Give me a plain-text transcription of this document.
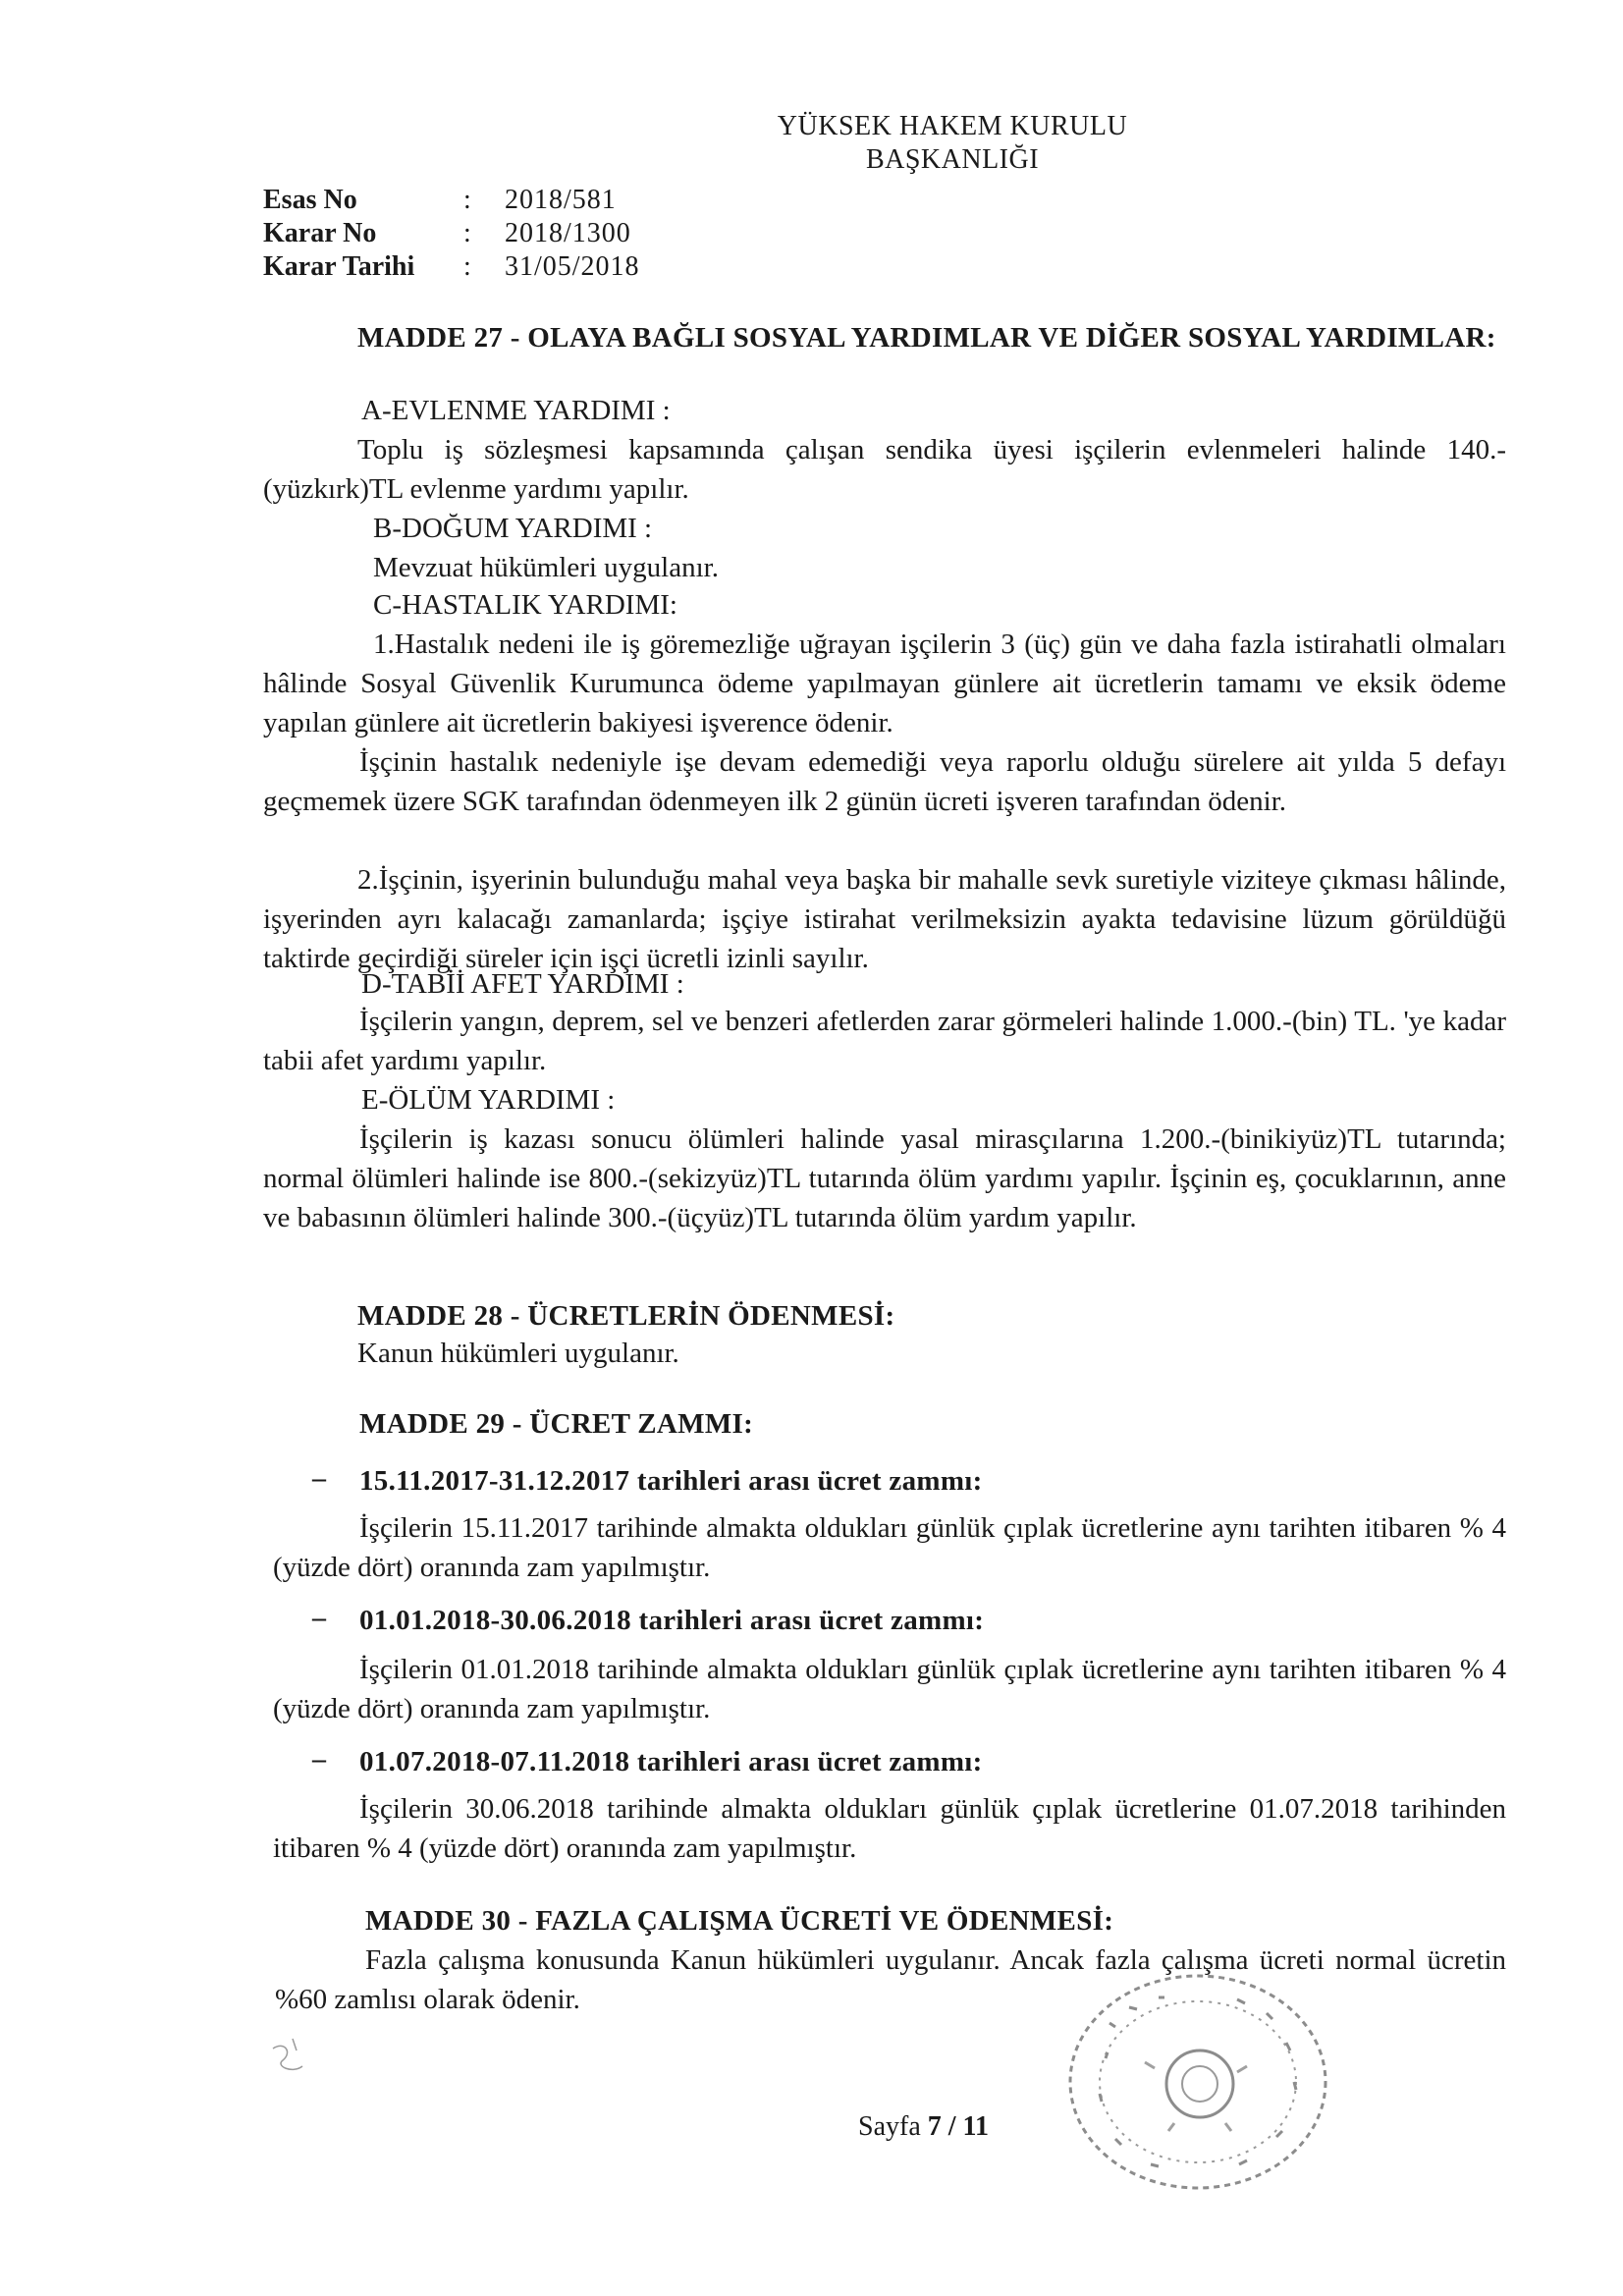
YÜKSEK HAKEM KURULU
BAŞKANLIĞI
Esas No	: 2018/581
Karar No	: 2018/1300
Karar Tarihi : 31/05/2018
MADDE 27 - OLAYA BAĞLI SOSYAL YARDIMLAR VE DİĞER SOSYAL YARDIMLAR:
A-EVLENME YARDIMI :
Toplu iş sözleşmesi kapsamında çalışan sendika üyesi işçilerin evlenmeleri halinde 140.-(yüzkırk)TL evlenme yardımı yapılır.
B-DOĞUM YARDIMI :
Mevzuat hükümleri uygulanır.
C-HASTALIK YARDIMI:
1.Hastalık nedeni ile iş göremezliğe uğrayan işçilerin 3 (üç) gün ve daha fazla istirahatli olmaları hâlinde Sosyal Güvenlik Kurumunca ödeme yapılmayan günlere ait ücretlerin tamamı ve eksik ödeme yapılan günlere ait ücretlerin bakiyesi işverence ödenir.
İşçinin hastalık nedeniyle işe devam edemediği veya raporlu olduğu sürelere ait yılda 5 defayı geçmemek üzere SGK tarafından ödenmeyen ilk 2 günün ücreti işveren tarafından ödenir.
2.İşçinin, işyerinin bulunduğu mahal veya başka bir mahalle sevk suretiyle viziteye çıkması hâlinde, işyerinden ayrı kalacağı zamanlarda; işçiye istirahat verilmeksizin ayakta tedavisine lüzum görüldüğü taktirde geçirdiği süreler için işçi ücretli izinli sayılır.
D-TABİİ AFET YARDIMI :
İşçilerin yangın, deprem, sel ve benzeri afetlerden zarar görmeleri halinde 1.000.-(bin) TL. 'ye kadar tabii afet yardımı yapılır.
E-ÖLÜM YARDIMI :
İşçilerin iş kazası sonucu ölümleri halinde yasal mirasçılarına 1.200.-(binikiyüz)TL tutarında; normal ölümleri halinde ise 800.-(sekizyüz)TL tutarında ölüm yardımı yapılır. İşçinin eş, çocuklarının, anne ve babasının ölümleri halinde 300.-(üçyüz)TL tutarında ölüm yardım yapılır.
MADDE 28 - ÜCRETLERİN ÖDENMESİ:
Kanun hükümleri uygulanır.
MADDE 29 - ÜCRET ZAMMI:
– 15.11.2017-31.12.2017 tarihleri arası ücret zammı:
İşçilerin 15.11.2017 tarihinde almakta oldukları günlük çıplak ücretlerine aynı tarihten itibaren % 4 (yüzde dört) oranında zam yapılmıştır.
– 01.01.2018-30.06.2018 tarihleri arası ücret zammı:
İşçilerin 01.01.2018 tarihinde almakta oldukları günlük çıplak ücretlerine aynı tarihten itibaren % 4 (yüzde dört) oranında zam yapılmıştır.
– 01.07.2018-07.11.2018 tarihleri arası ücret zammı:
İşçilerin 30.06.2018 tarihinde almakta oldukları günlük çıplak ücretlerine 01.07.2018 tarihinden itibaren % 4 (yüzde dört) oranında zam yapılmıştır.
MADDE 30 - FAZLA ÇALIŞMA ÜCRETİ VE ÖDENMESİ:
Fazla çalışma konusunda Kanun hükümleri uygulanır. Ancak fazla çalışma ücreti normal ücretin %60 zamlısı olarak ödenir.
Sayfa 7 / 11
